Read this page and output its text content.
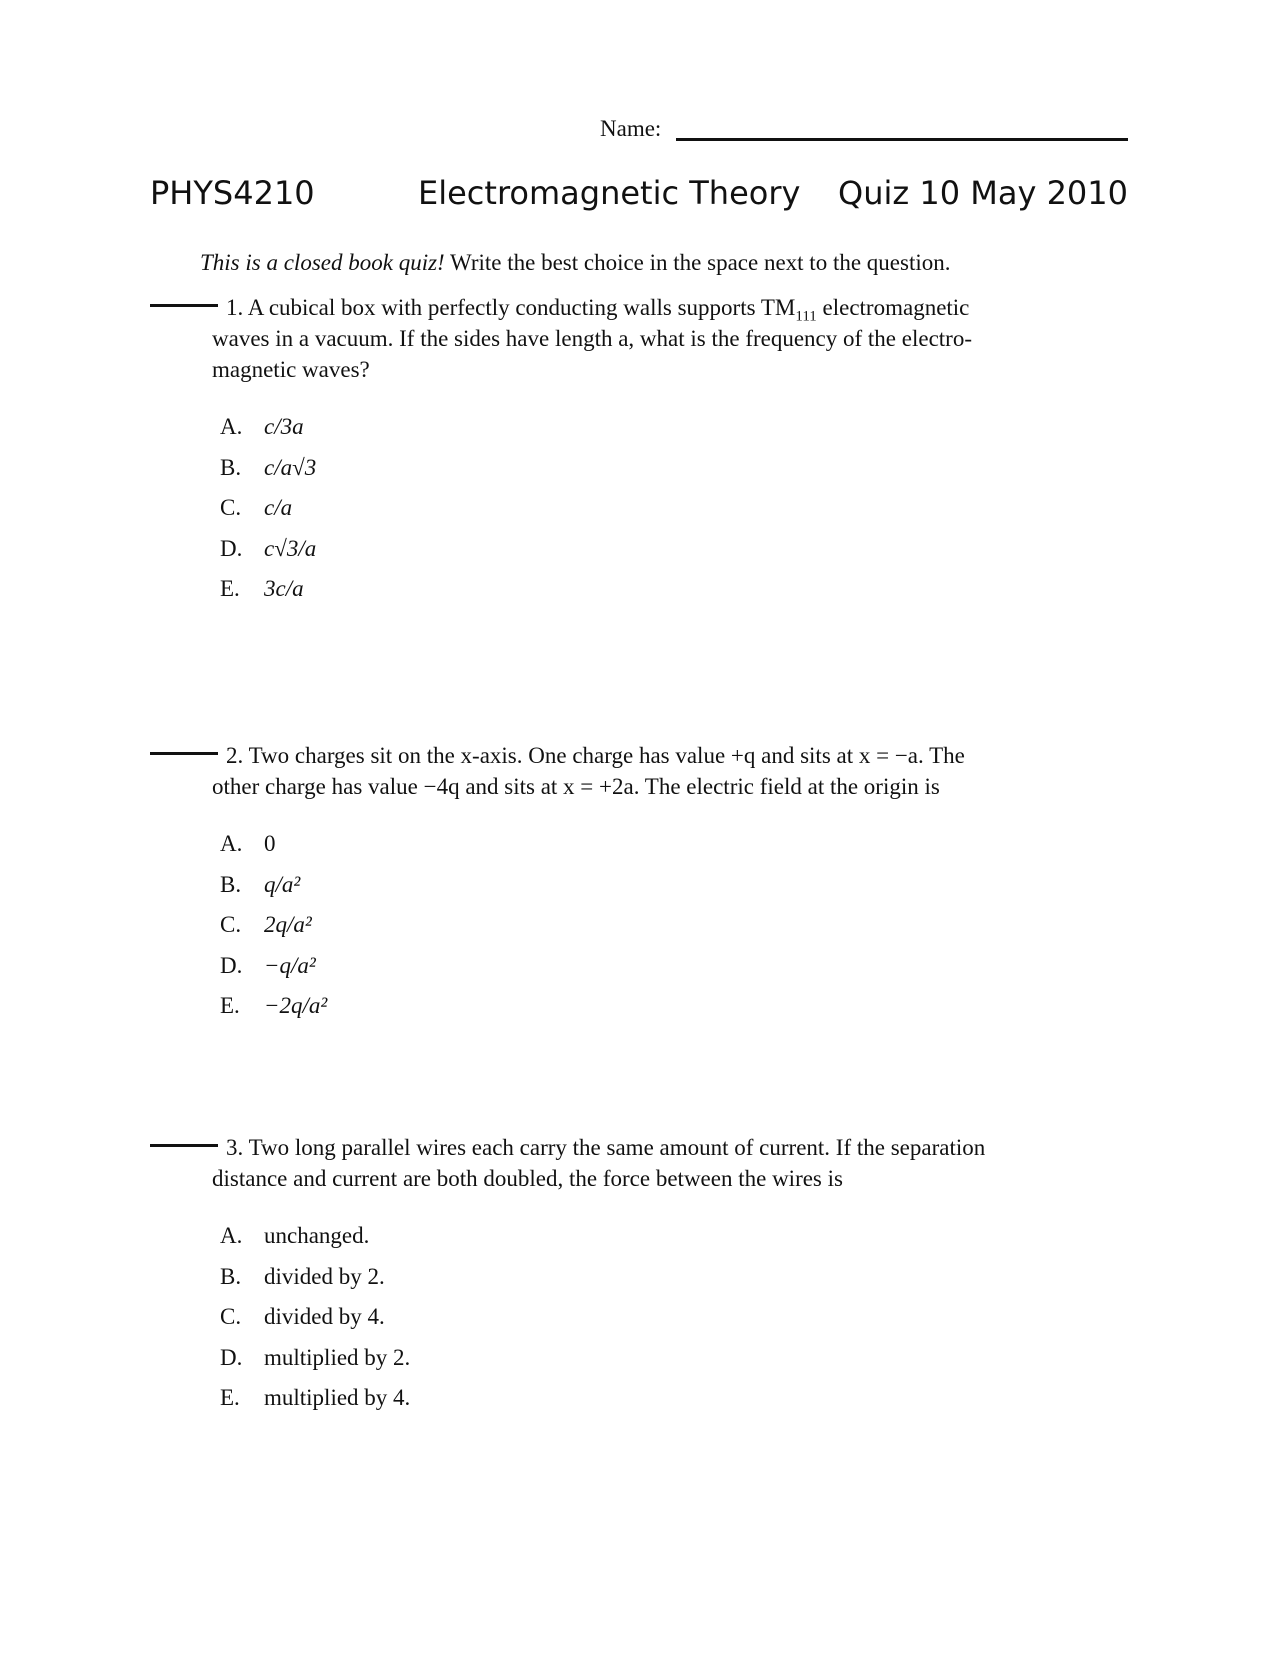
Name:
PHYS4210	Electromagnetic Theory Quiz 10 May 2010
This is a closed book quiz! Write the best choice in the space next to the question.
1. A cubical box with perfectly conducting walls supports $TM_{111}$ electromagnetic
waves in a vacuum. If the sides have length a, what is the frequency of the electro-
magnetic waves?
A. c/3a
B. c/a√3
C. c/a
D. c√3/a
E. 3c/a
2. Two charges sit on the x-axis. One charge has value +q and sits at x = −a. The
other charge has value −4q and sits at x = +2a. The electric field at the origin is
A. 0
B. q/a²
C. 2q/a²
D. −q/a²
E. −2q/a²
3. Two long parallel wires each carry the same amount of current. If the separation
distance and current are both doubled, the force between the wires is
A. unchanged.
B. divided by 2.
C. divided by 4.
D. multiplied by 2.
E. multiplied by 4.
